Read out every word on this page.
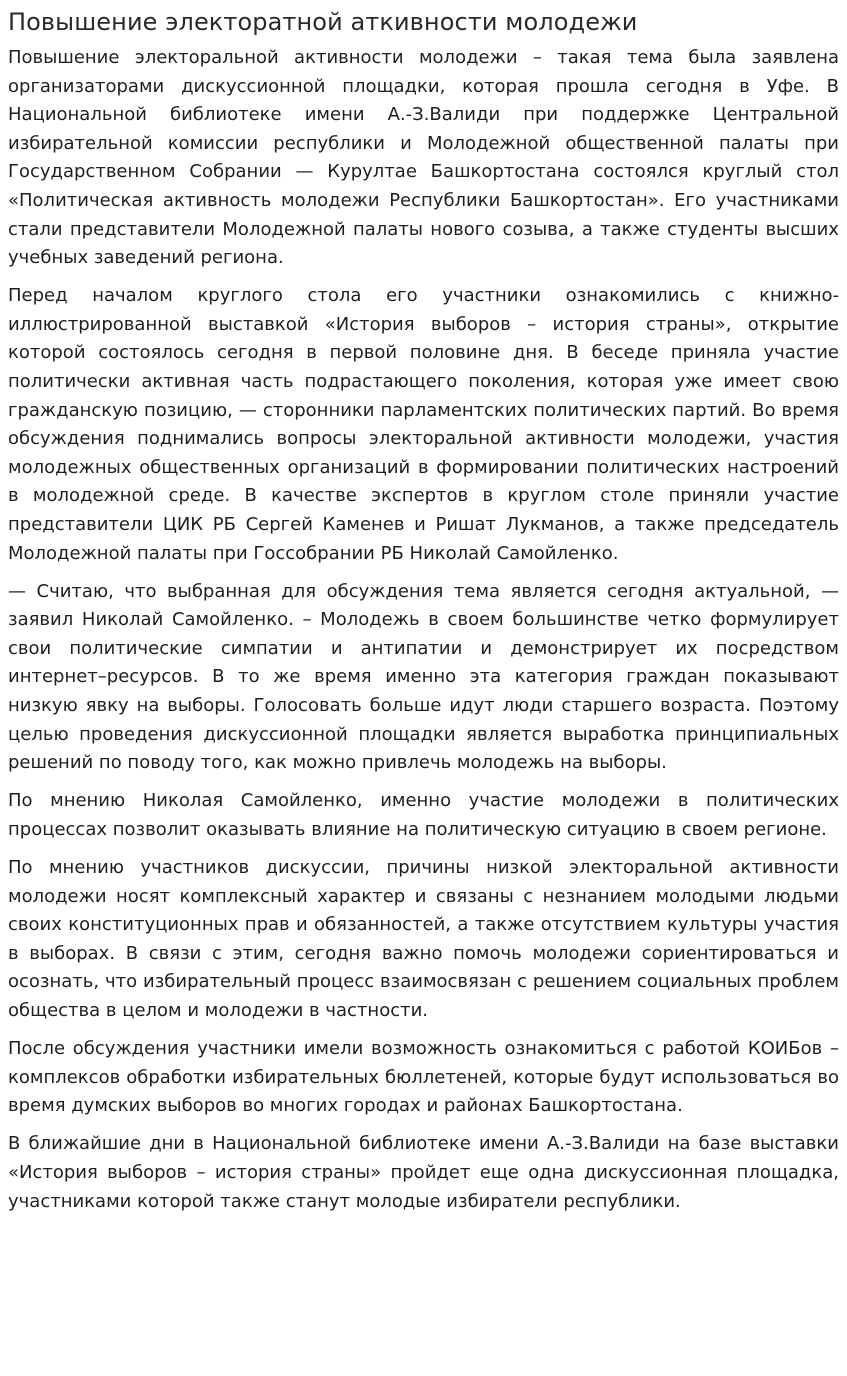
Повышение электоратной аткивности молодежи

Повышение электоральной активности молодежи – такая тема была заявлена организаторами дискуссионной площадки, которая прошла сегодня в Уфе. В Национальной библиотеке имени А.-З.Валиди при поддержке Центральной избирательной комиссии республики и Молодежной общественной палаты при Государственном Собрании — Курултае Башкортостана состоялся круглый стол «Политическая активность молодежи Республики Башкортостан». Его участниками стали представители Молодежной палаты нового созыва, а также студенты высших учебных заведений региона.

Перед началом круглого стола его участники ознакомились с книжно-иллюстрированной выставкой «История выборов – история страны», открытие которой состоялось сегодня в первой половине дня. В беседе приняла участие политически активная часть подрастающего поколения, которая уже имеет свою гражданскую позицию, — сторонники парламентских политических партий. Во время обсуждения поднимались вопросы электоральной активности молодежи, участия молодежных общественных организаций в формировании политических настроений в молодежной среде. В качестве экспертов в круглом столе приняли участие представители ЦИК РБ Сергей Каменев и Ришат Лукманов, а также председатель Молодежной палаты при Госсобрании РБ Николай Самойленко.

— Считаю, что выбранная для обсуждения тема является сегодня актуальной, — заявил Николай Самойленко. – Молодежь в своем большинстве четко формулирует свои политические симпатии и антипатии и демонстрирует их посредством интернет–ресурсов. В то же время именно эта категория граждан показывают низкую явку на выборы. Голосовать больше идут люди старшего возраста. Поэтому целью проведения дискуссионной площадки является выработка принципиальных решений по поводу того, как можно привлечь молодежь на выборы.

По мнению Николая Самойленко, именно участие молодежи в политических процессах позволит оказывать влияние на политическую ситуацию в своем регионе.

По мнению участников дискуссии, причины низкой электоральной активности молодежи носят комплексный характер и связаны с незнанием молодыми людьми своих конституционных прав и обязанностей, а также отсутствием культуры участия в выборах. В связи с этим, сегодня важно помочь молодежи сориентироваться и осознать, что избирательный процесс взаимосвязан с решением социальных проблем общества в целом и молодежи в частности.

После обсуждения участники имели возможность ознакомиться с работой КОИБов – комплексов обработки избирательных бюллетеней, которые будут использоваться во время думских выборов во многих городах и районах Башкортостана.

В ближайшие дни в Национальной библиотеке имени А.-З.Валиди на базе выставки «История выборов – история страны» пройдет еще одна дискуссионная площадка, участниками которой также станут молодые избиратели республики.
